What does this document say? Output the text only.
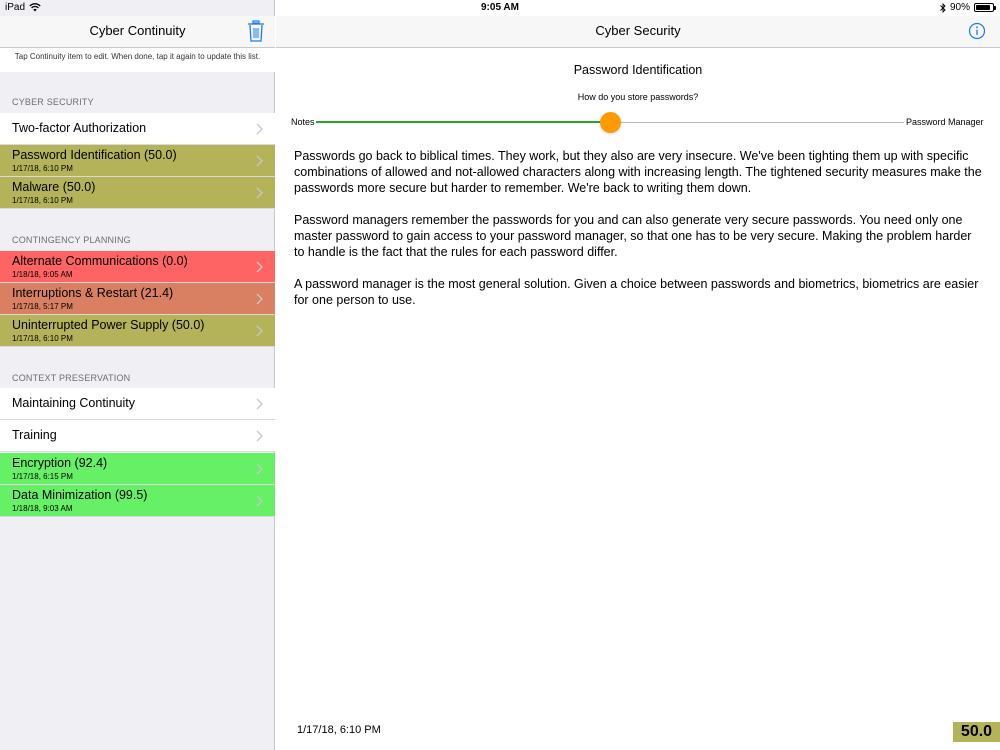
iPad	9:05 AM	90%
Cyber Continuity
Tap Continuity item to edit. When done, tap it again to update this list.
CYBER SECURITY
Two-factor Authorization
Password Identification (50.0)
1/17/18, 6:10 PM
Malware (50.0)
1/17/18, 6:10 PM
CONTINGENCY PLANNING
Alternate Communications (0.0)
1/18/18, 9:05 AM
Interruptions & Restart (21.4)
1/17/18, 5:17 PM
Uninterrupted Power Supply (50.0)
1/17/18, 6:10 PM
CONTEXT PRESERVATION
Maintaining Continuity
Training
Encryption (92.4)
1/17/18, 6:15 PM
Data Minimization (99.5)
1/18/18, 9:03 AM
Cyber Security
Password Identification
How do you store passwords?
Notes	Password Manager

Passwords go back to biblical times. They work, but they also are very insecure. We've been tighting them up with specific combinations of allowed and not-allowed characters along with increasing length. The tightened security measures make the passwords more secure but harder to remember. We're back to writing them down.

Password managers remember the passwords for you and can also generate very secure passwords. You need only one master password to gain access to your password manager, so that one has to be very secure. Making the problem harder to handle is the fact that the rules for each password differ.

A password manager is the most general solution. Given a choice between passwords and biometrics, biometrics are easier for one person to use.

1/17/18, 6:10 PM	50.0
